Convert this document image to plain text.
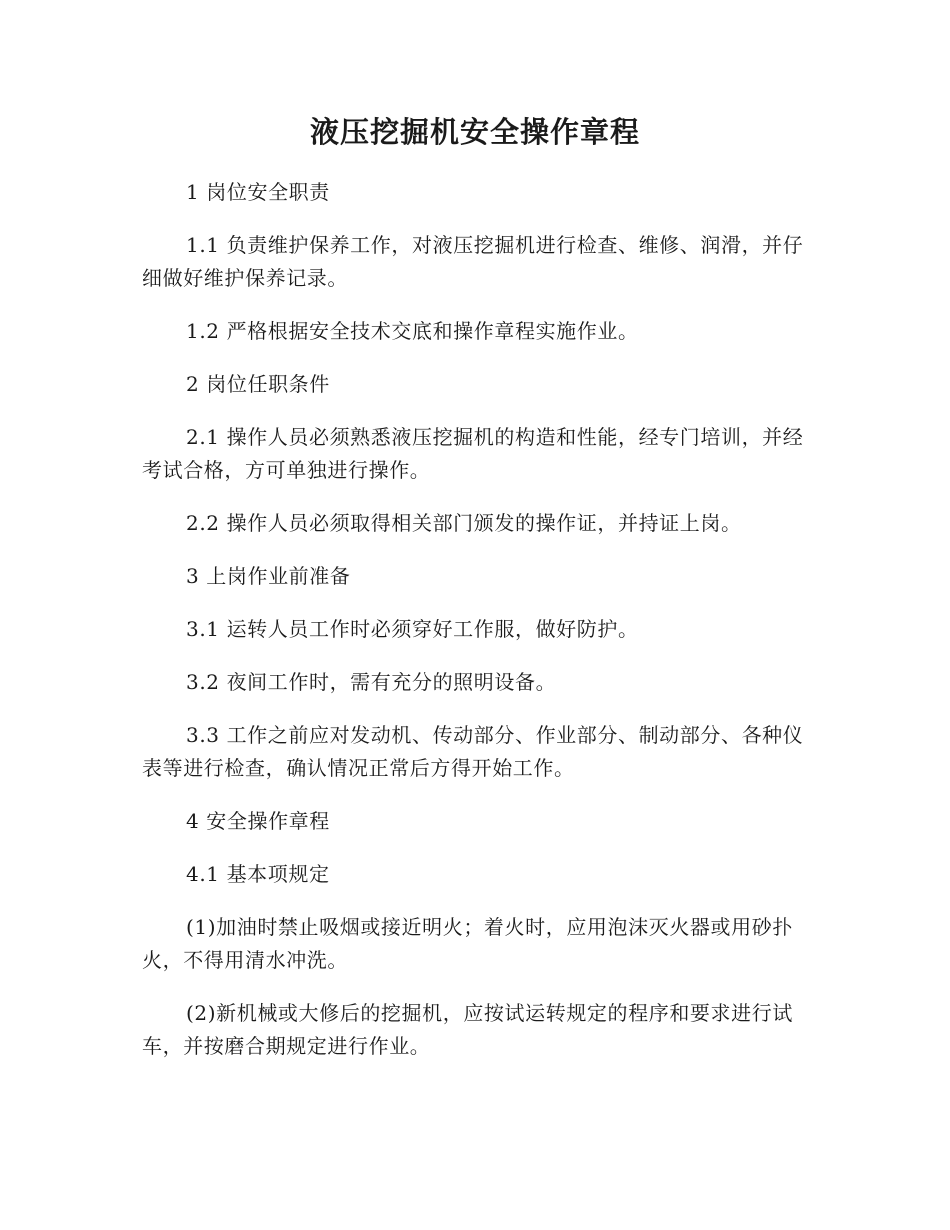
液压挖掘机安全操作章程

1 岗位安全职责

1.1 负责维护保养工作，对液压挖掘机进行检查、维修、润滑，并仔细做好维护保养记录。

1.2 严格根据安全技术交底和操作章程实施作业。

2 岗位任职条件

2.1 操作人员必须熟悉液压挖掘机的构造和性能，经专门培训，并经考试合格，方可单独进行操作。

2.2 操作人员必须取得相关部门颁发的操作证，并持证上岗。

3 上岗作业前准备

3.1 运转人员工作时必须穿好工作服，做好防护。

3.2 夜间工作时，需有充分的照明设备。

3.3 工作之前应对发动机、传动部分、作业部分、制动部分、各种仪表等进行检查，确认情况正常后方得开始工作。

4 安全操作章程

4.1 基本项规定

(1)加油时禁止吸烟或接近明火；着火时，应用泡沫灭火器或用砂扑火，不得用清水冲洗。

(2)新机械或大修后的挖掘机，应按试运转规定的程序和要求进行试车，并按磨合期规定进行作业。
